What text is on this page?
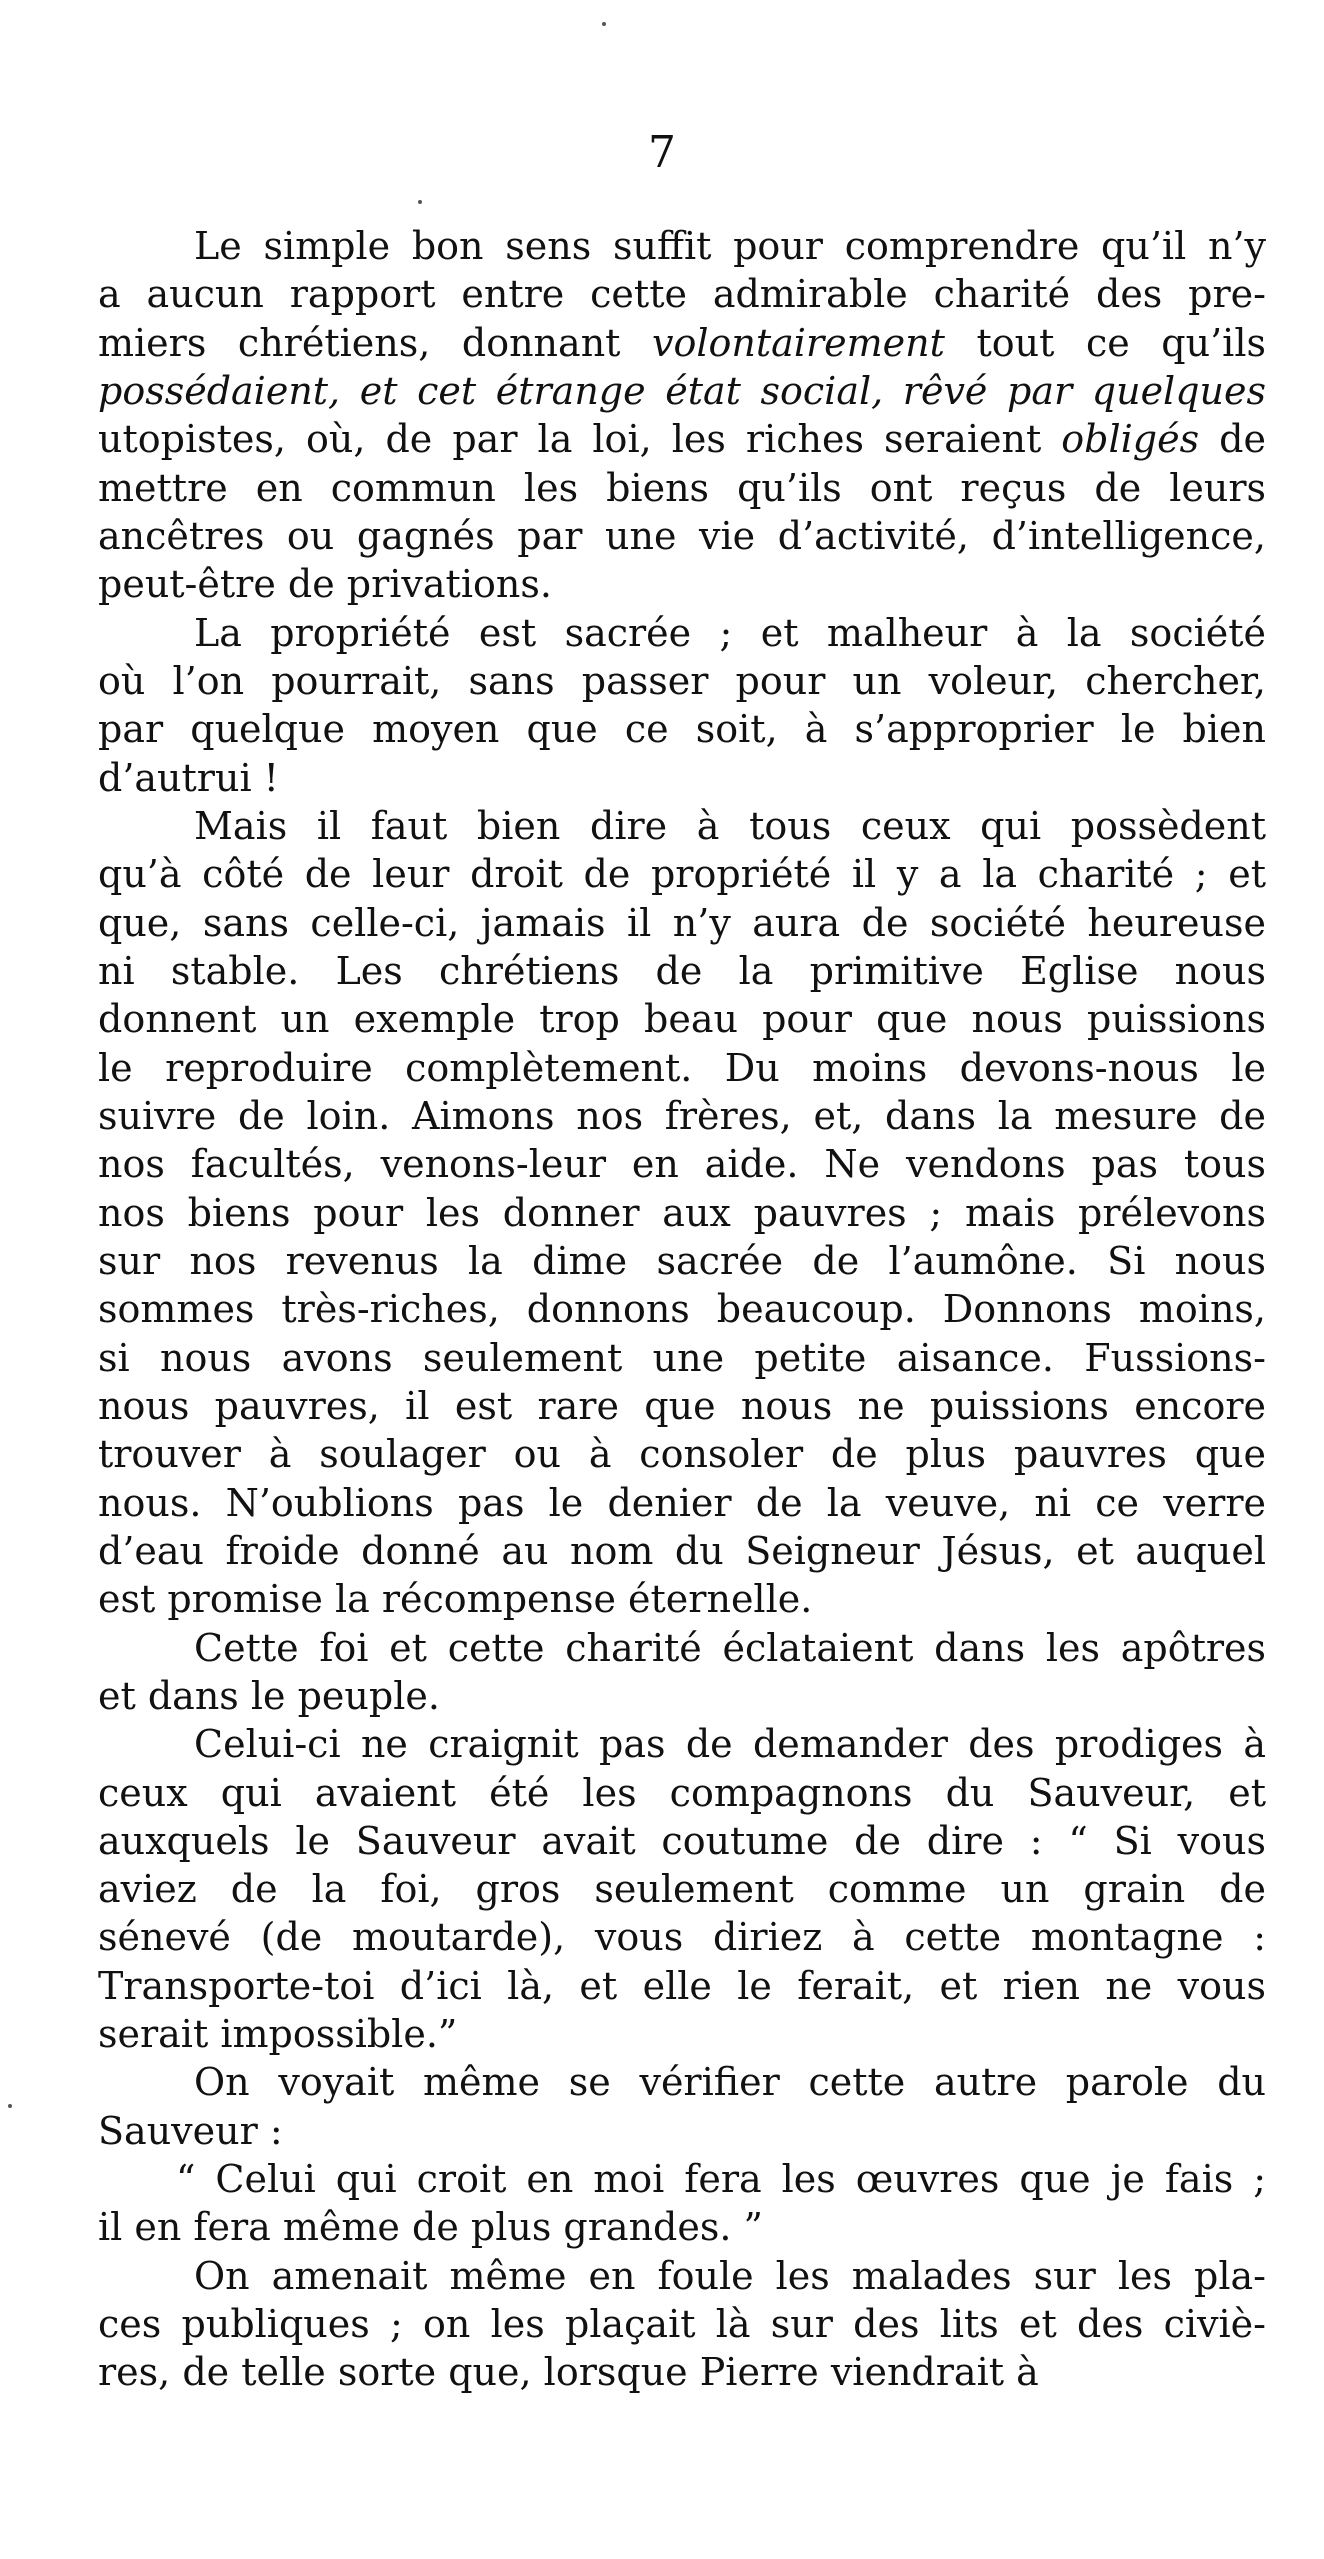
7
Le simple bon sens suffit pour comprendre qu’il n’y
a aucun rapport entre cette admirable charité des pre-
miers chrétiens, donnant volontairement tout ce qu’ils
possédaient, et cet étrange état social, rêvé par quelques
utopistes, où, de par la loi, les riches seraient obligés de
mettre en commun les biens qu’ils ont reçus de leurs
ancêtres ou gagnés par une vie d’activité, d’intelligence,
peut-être de privations.
La propriété est sacrée ; et malheur à la société
où l’on pourrait, sans passer pour un voleur, chercher,
par quelque moyen que ce soit, à s’approprier le bien
d’autrui !
Mais il faut bien dire à tous ceux qui possèdent
qu’à côté de leur droit de propriété il y a la charité ; et
que, sans celle-ci, jamais il n’y aura de société heureuse
ni stable. Les chrétiens de la primitive Eglise nous
donnent un exemple trop beau pour que nous puissions
le reproduire complètement. Du moins devons-nous le
suivre de loin. Aimons nos frères, et, dans la mesure de
nos facultés, venons-leur en aide. Ne vendons pas tous
nos biens pour les donner aux pauvres ; mais prélevons
sur nos revenus la dime sacrée de l’aumône. Si nous
sommes très-riches, donnons beaucoup. Donnons moins,
si nous avons seulement une petite aisance. Fussions-
nous pauvres, il est rare que nous ne puissions encore
trouver à soulager ou à consoler de plus pauvres que
nous. N’oublions pas le denier de la veuve, ni ce verre
d’eau froide donné au nom du Seigneur Jésus, et auquel
est promise la récompense éternelle.
Cette foi et cette charité éclataient dans les apôtres
et dans le peuple.
Celui-ci ne craignit pas de demander des prodiges à
ceux qui avaient été les compagnons du Sauveur, et
auxquels le Sauveur avait coutume de dire : “ Si vous
aviez de la foi, gros seulement comme un grain de
sénevé (de moutarde), vous diriez à cette montagne :
Transporte-toi d’ici là, et elle le ferait, et rien ne vous
serait impossible.”
On voyait même se vérifier cette autre parole du
Sauveur :
“ Celui qui croit en moi fera les œuvres que je fais ;
il en fera même de plus grandes. ”
On amenait même en foule les malades sur les pla-
ces publiques ; on les plaçait là sur des lits et des civiè-
res, de telle sorte que, lorsque Pierre viendrait à
